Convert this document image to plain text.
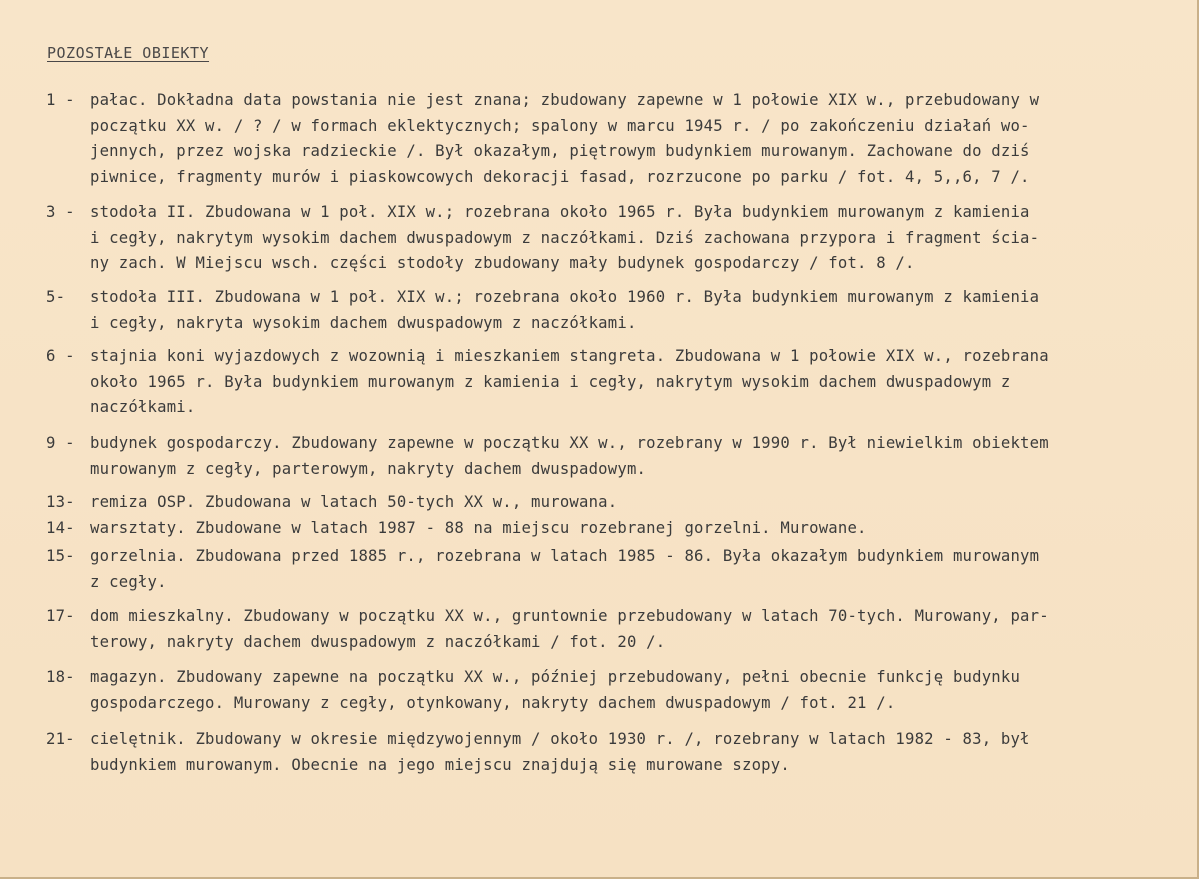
POZOSTAŁE OBIEKTY
1 - pałac. Dokładna data powstania nie jest znana; zbudowany zapewne w 1 połowie XIX w., przebudowany w
początku XX w. / ? / w formach eklektycznych; spalony w marcu 1945 r. / po zakończeniu działań wo-
jennych, przez wojska radzieckie /. Był okazałym, piętrowym budynkiem murowanym. Zachowane do dziś
piwnice, fragmenty murów i piaskowcowych dekoracji fasad, rozrzucone po parku / fot. 4, 5,,6, 7 /.
3 - stodoła II. Zbudowana w 1 poł. XIX w.; rozebrana około 1965 r. Była budynkiem murowanym z kamienia
i cegły, nakrytym wysokim dachem dwuspadowym z naczółkami. Dziś zachowana przypora i fragment ścia-
ny zach. W Miejscu wsch. części stodoły zbudowany mały budynek gospodarczy / fot. 8 /.
5-	stodoła III. Zbudowana w 1 poł. XIX w.; rozebrana około 1960 r. Była budynkiem murowanym z kamienia
i cegły, nakryta wysokim dachem dwuspadowym z naczółkami.
6 - stajnia koni wyjazdowych z wozownią i mieszkaniem stangreta. Zbudowana w 1 połowie XIX w., rozebrana
około 1965 r. Była budynkiem murowanym z kamienia i cegły, nakrytym wysokim dachem dwuspadowym z
naczółkami.
9 - budynek gospodarczy. Zbudowany zapewne w początku XX w., rozebrany w 1990 r. Był niewielkim obiektem
murowanym z cegły, parterowym, nakryty dachem dwuspadowym.
13- remiza OSP. Zbudowana w latach 50-tych XX w., murowana.
14- warsztaty. Zbudowane w latach 1987 - 88 na miejscu rozebranej gorzelni. Murowane.
15- gorzelnia. Zbudowana przed 1885 r., rozebrana w latach 1985 - 86. Była okazałym budynkiem murowanym
z cegły.
17- dom mieszkalny. Zbudowany w początku XX w., gruntownie przebudowany w latach 70-tych. Murowany, par-
terowy, nakryty dachem dwuspadowym z naczółkami / fot. 20 /.
18- magazyn. Zbudowany zapewne na początku XX w., później przebudowany, pełni obecnie funkcję budynku
gospodarczego. Murowany z cegły, otynkowany, nakryty dachem dwuspadowym / fot. 21 /.
21- cielętnik. Zbudowany w okresie międzywojennym / około 1930 r. /, rozebrany w latach 1982 - 83, był
budynkiem murowanym. Obecnie na jego miejscu znajdują się murowane szopy.
